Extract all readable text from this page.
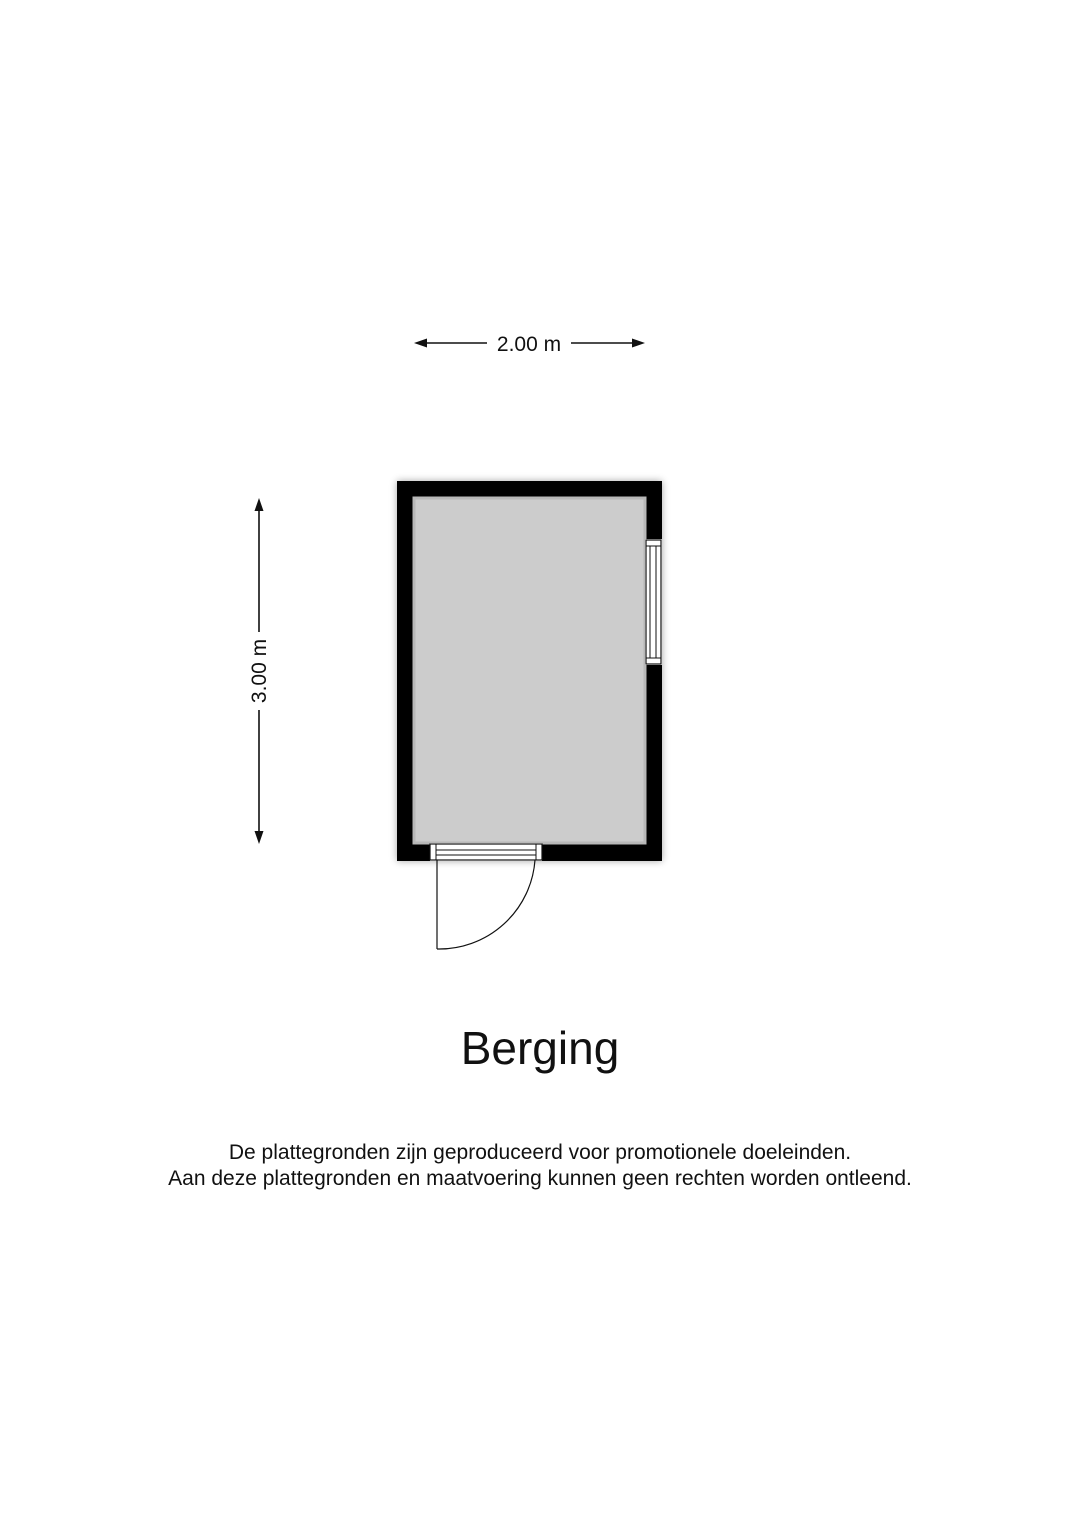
2.00 m
3.00 m
Berging
De plattegronden zijn geproduceerd voor promotionele doeleinden.
Aan deze plattegronden en maatvoering kunnen geen rechten worden ontleend.
